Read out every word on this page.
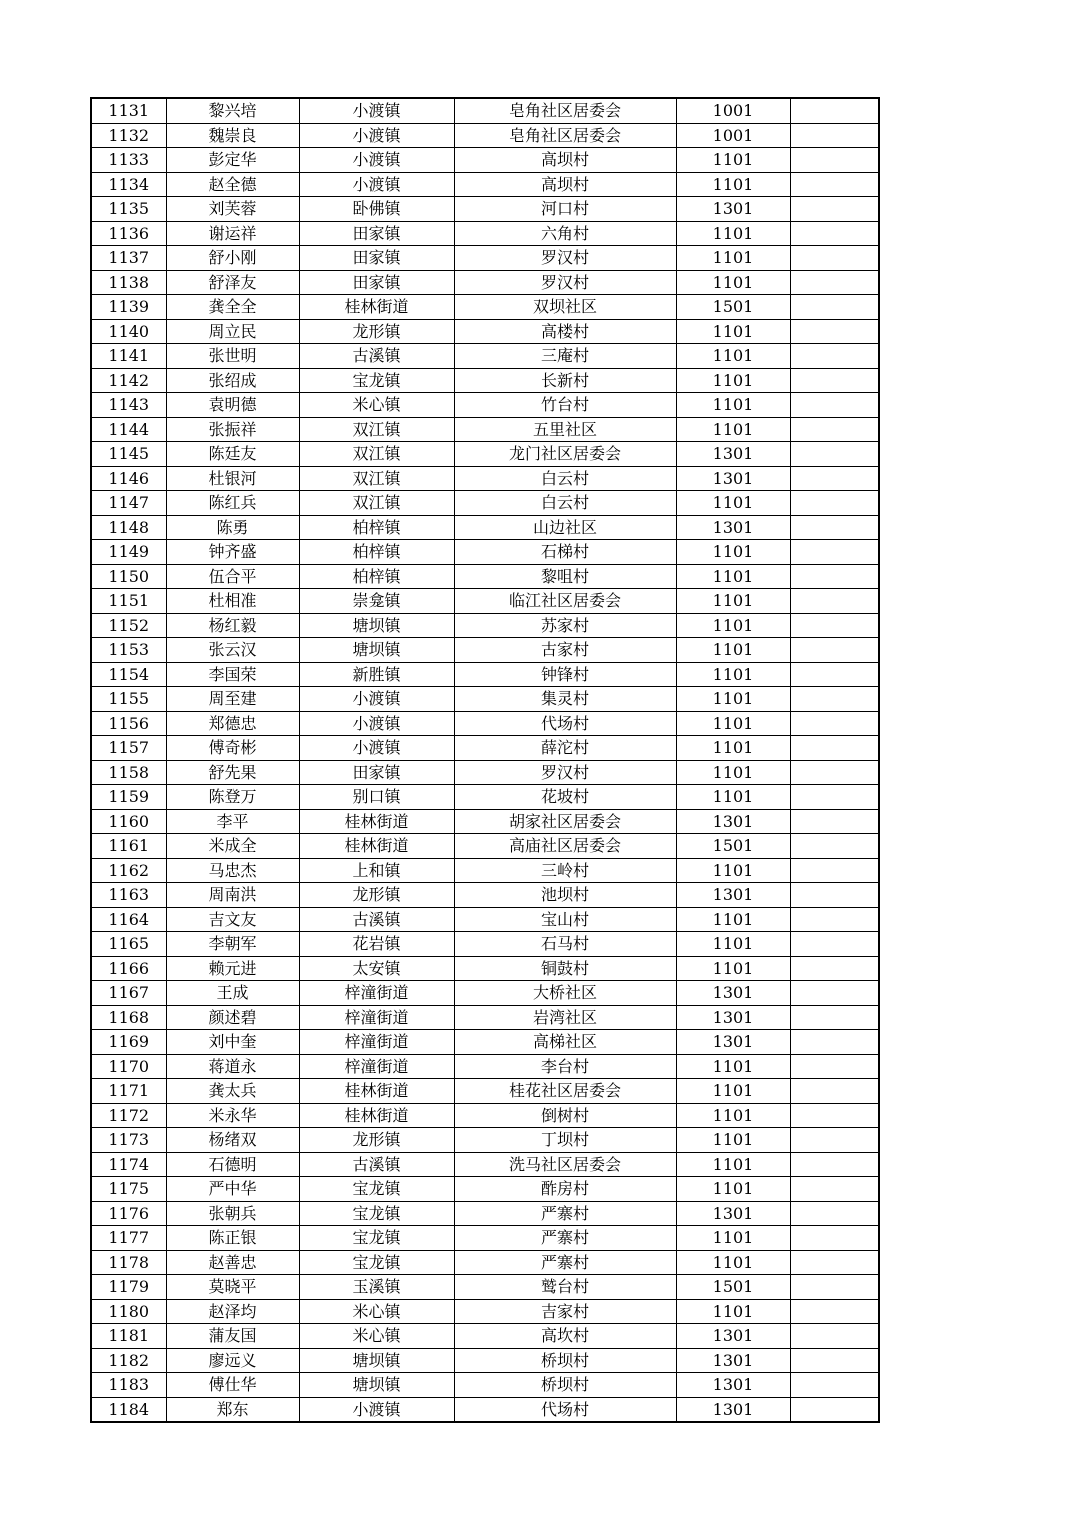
1131	黎兴培	小渡镇	皂角社区居委会	1001	
1132	魏崇良	小渡镇	皂角社区居委会	1001	
1133	彭定华	小渡镇	高坝村	1101	
1134	赵全德	小渡镇	高坝村	1101	
1135	刘芙蓉	卧佛镇	河口村	1301	
1136	谢运祥	田家镇	六角村	1101	
1137	舒小刚	田家镇	罗汉村	1101	
1138	舒泽友	田家镇	罗汉村	1101	
1139	龚全全	桂林街道	双坝社区	1501	
1140	周立民	龙形镇	高楼村	1101	
1141	张世明	古溪镇	三庵村	1101	
1142	张绍成	宝龙镇	长新村	1101	
1143	袁明德	米心镇	竹台村	1101	
1144	张振祥	双江镇	五里社区	1101	
1145	陈廷友	双江镇	龙门社区居委会	1301	
1146	杜银河	双江镇	白云村	1301	
1147	陈红兵	双江镇	白云村	1101	
1148	陈勇	柏梓镇	山边社区	1301	
1149	钟齐盛	柏梓镇	石梯村	1101	
1150	伍合平	柏梓镇	黎咀村	1101	
1151	杜相准	崇龛镇	临江社区居委会	1101	
1152	杨红毅	塘坝镇	苏家村	1101	
1153	张云汉	塘坝镇	古家村	1101	
1154	李国荣	新胜镇	钟锋村	1101	
1155	周至建	小渡镇	集灵村	1101	
1156	郑德忠	小渡镇	代场村	1101	
1157	傅奇彬	小渡镇	薛沱村	1101	
1158	舒先果	田家镇	罗汉村	1101	
1159	陈登万	别口镇	花坡村	1101	
1160	李平	桂林街道	胡家社区居委会	1301	
1161	米成全	桂林街道	高庙社区居委会	1501	
1162	马忠杰	上和镇	三岭村	1101	
1163	周南洪	龙形镇	池坝村	1301	
1164	吉文友	古溪镇	宝山村	1101	
1165	李朝军	花岩镇	石马村	1101	
1166	赖元进	太安镇	铜鼓村	1101	
1167	王成	梓潼街道	大桥社区	1301	
1168	颜述碧	梓潼街道	岩湾社区	1301	
1169	刘中奎	梓潼街道	高梯社区	1301	
1170	蒋道永	梓潼街道	李台村	1101	
1171	龚太兵	桂林街道	桂花社区居委会	1101	
1172	米永华	桂林街道	倒树村	1101	
1173	杨绪双	龙形镇	丁坝村	1101	
1174	石德明	古溪镇	洗马社区居委会	1101	
1175	严中华	宝龙镇	酢房村	1101	
1176	张朝兵	宝龙镇	严寨村	1301	
1177	陈正银	宝龙镇	严寨村	1101	
1178	赵善忠	宝龙镇	严寨村	1101	
1179	莫晓平	玉溪镇	鹫台村	1501	
1180	赵泽均	米心镇	吉家村	1101	
1181	蒲友国	米心镇	高坎村	1301	
1182	廖远义	塘坝镇	桥坝村	1301	
1183	傅仕华	塘坝镇	桥坝村	1301	
1184	郑东	小渡镇	代场村	1301	
